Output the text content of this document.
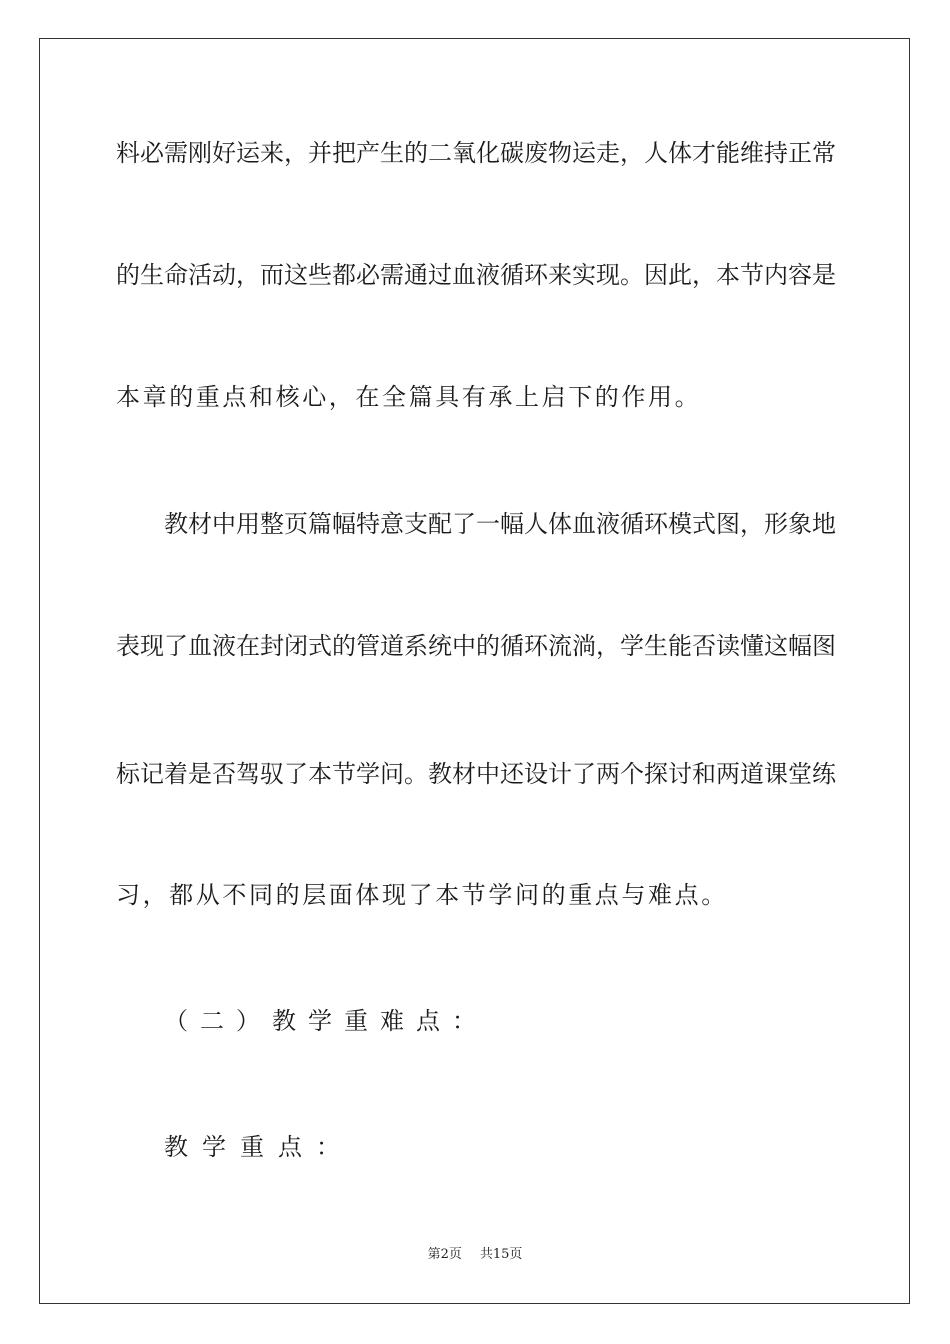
料必需刚好运来，并把产生的二氧化碳废物运走，人体才能维持正常
的生命活动，而这些都必需通过血液循环来实现。因此，本节内容是
本章的重点和核心，在全篇具有承上启下的作用。
教材中用整页篇幅特意支配了一幅人体血液循环模式图，形象地
表现了血液在封闭式的管道系统中的循环流淌，学生能否读懂这幅图
标记着是否驾驭了本节学问。教材中还设计了两个探讨和两道课堂练
习，都从不同的层面体现了本节学问的重点与难点。
（二）教学重难点：
教学重点：
第2页 共15页
